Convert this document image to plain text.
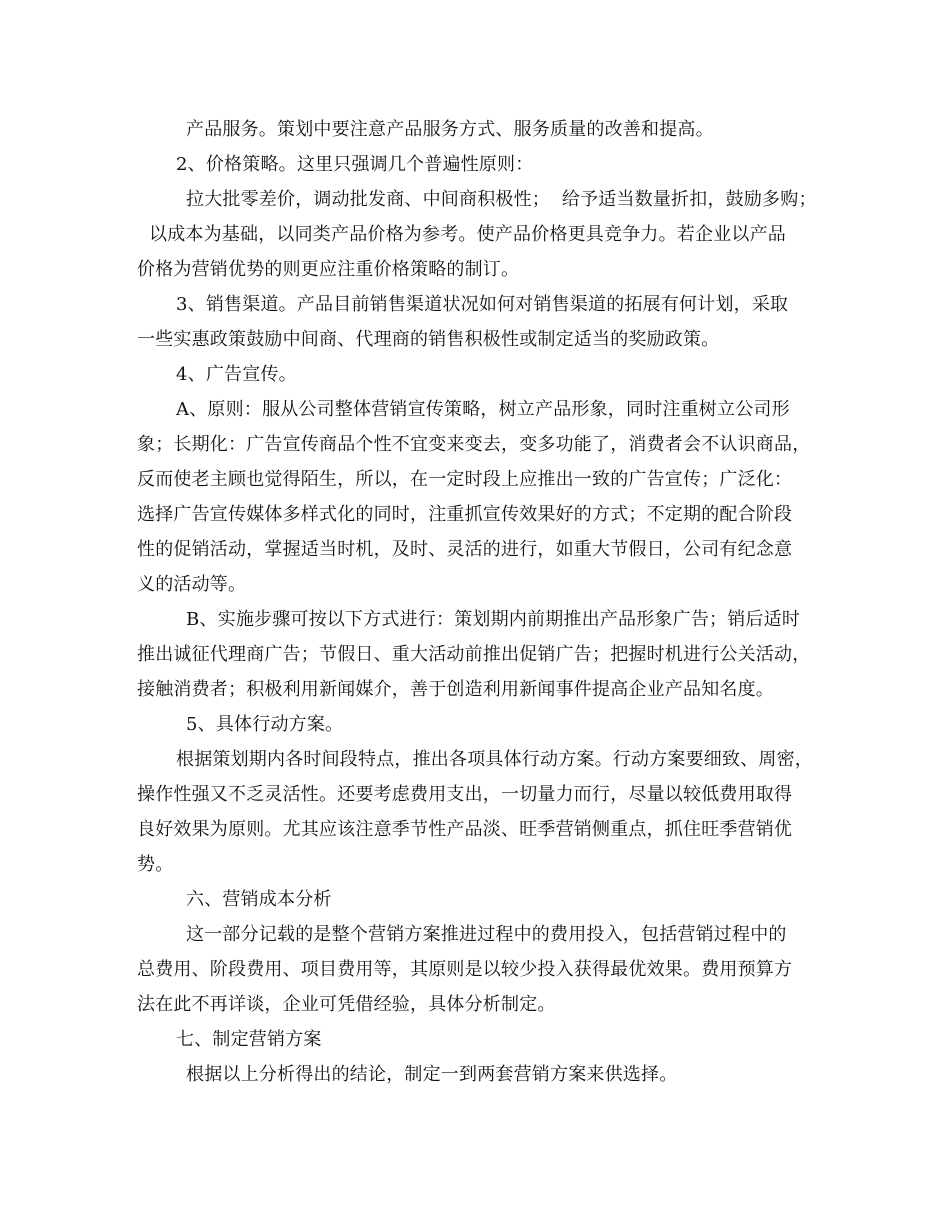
产品服务。策划中要注意产品服务方式、服务质量的改善和提高。
2、价格策略。这里只强调几个普遍性原则：
拉大批零差价，调动批发商、中间商积极性；  给予适当数量折扣，鼓励多购；
以成本为基础，以同类产品价格为参考。使产品价格更具竞争力。若企业以产品
价格为营销优势的则更应注重价格策略的制订。
3、销售渠道。产品目前销售渠道状况如何对销售渠道的拓展有何计划，采取
一些实惠政策鼓励中间商、代理商的销售积极性或制定适当的奖励政策。
4、广告宣传。
A、原则：服从公司整体营销宣传策略，树立产品形象，同时注重树立公司形
象；长期化：广告宣传商品个性不宜变来变去，变多功能了，消费者会不认识商品，
反而使老主顾也觉得陌生，所以，在一定时段上应推出一致的广告宣传；广泛化：
选择广告宣传媒体多样式化的同时，注重抓宣传效果好的方式；不定期的配合阶段
性的促销活动，掌握适当时机，及时、灵活的进行，如重大节假日，公司有纪念意
义的活动等。
B、实施步骤可按以下方式进行：策划期内前期推出产品形象广告；销后适时
推出诚征代理商广告；节假日、重大活动前推出促销广告；把握时机进行公关活动，
接触消费者；积极利用新闻媒介，善于创造利用新闻事件提高企业产品知名度。
5、具体行动方案。
根据策划期内各时间段特点，推出各项具体行动方案。行动方案要细致、周密，
操作性强又不乏灵活性。还要考虑费用支出，一切量力而行，尽量以较低费用取得
良好效果为原则。尤其应该注意季节性产品淡、旺季营销侧重点，抓住旺季营销优
势。
六、营销成本分析
这一部分记载的是整个营销方案推进过程中的费用投入，包括营销过程中的
总费用、阶段费用、项目费用等，其原则是以较少投入获得最优效果。费用预算方
法在此不再详谈，企业可凭借经验，具体分析制定。
七、制定营销方案
根据以上分析得出的结论，制定一到两套营销方案来供选择。
